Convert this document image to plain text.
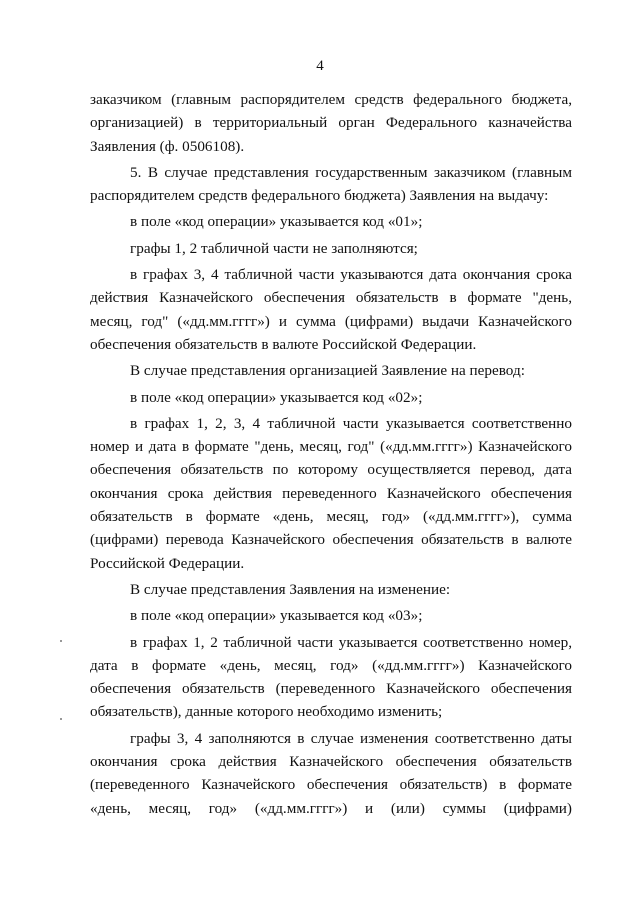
4

заказчиком (главным распорядителем средств федерального бюджета, организацией) в территориальный орган Федерального казначейства Заявления (ф. 0506108).

5. В случае представления государственным заказчиком (главным распорядителем средств федерального бюджета) Заявления на выдачу:

в поле «код операции» указывается код «01»;

графы 1, 2 табличной части не заполняются;

в графах 3, 4 табличной части указываются дата окончания срока действия Казначейского обеспечения обязательств в формате "день, месяц, год" («дд.мм.гггг») и сумма (цифрами) выдачи Казначейского обеспечения обязательств в валюте Российской Федерации.

В случае представления организацией Заявление на перевод:

в поле «код операции» указывается код «02»;

в графах 1, 2, 3, 4 табличной части указывается соответственно номер и дата в формате "день, месяц, год" («дд.мм.гггг») Казначейского обеспечения обязательств по которому осуществляется перевод, дата окончания срока действия переведенного Казначейского обеспечения обязательств в формате «день, месяц, год» («дд.мм.гггг»), сумма (цифрами) перевода Казначейского обеспечения обязательств в валюте Российской Федерации.

В случае представления Заявления на изменение:

в поле «код операции» указывается код «03»;

в графах 1, 2 табличной части указывается соответственно номер, дата в формате «день, месяц, год» («дд.мм.гггг») Казначейского обеспечения обязательств (переведенного Казначейского обеспечения обязательств), данные которого необходимо изменить;

графы 3, 4 заполняются в случае изменения соответственно даты окончания срока действия Казначейского обеспечения обязательств (переведенного Казначейского обеспечения обязательств) в формате «день, месяц, год» («дд.мм.гггг») и (или) суммы (цифрами)
